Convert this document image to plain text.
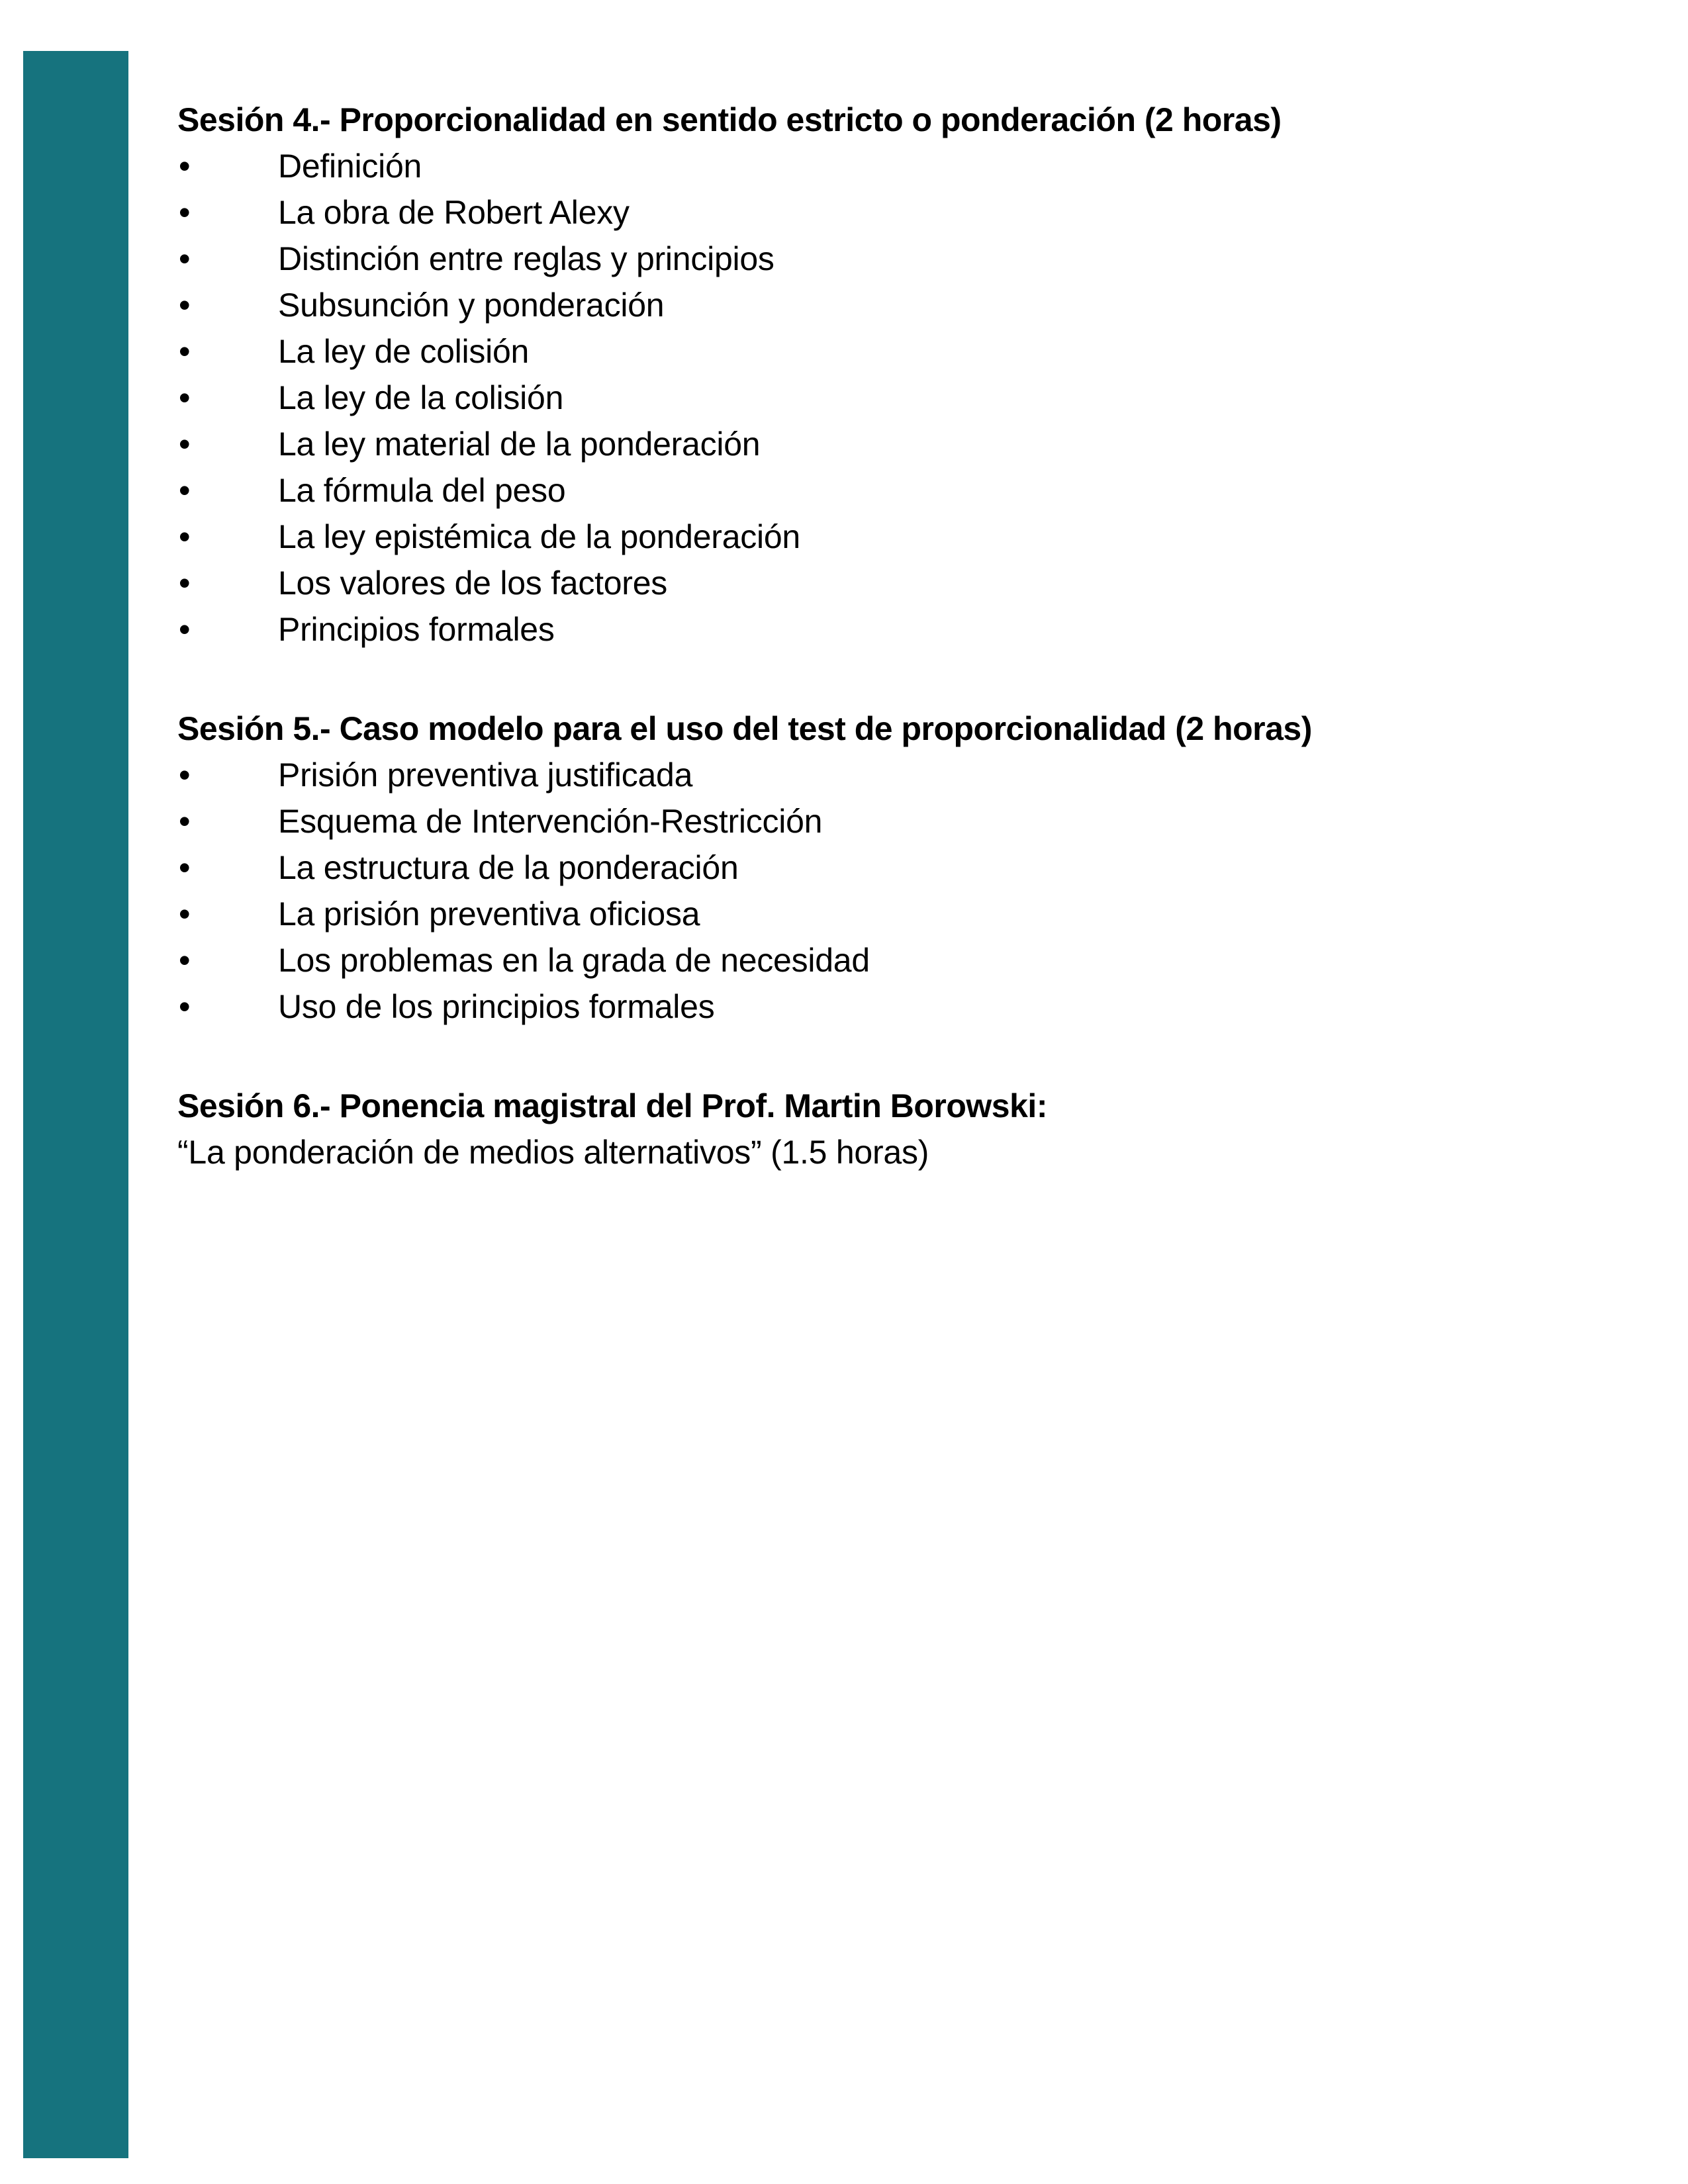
Sesión 4.- Proporcionalidad en sentido estricto o ponderación (2 horas)
•	Definición
•	La obra de Robert Alexy
•	Distinción entre reglas y principios
•	Subsunción y ponderación
•	La ley de colisión
•	La ley de la colisión
•	La ley material de la ponderación
•	La fórmula del peso
•	La ley epistémica de la ponderación
•	Los valores de los factores
•	Principios formales
Sesión 5.- Caso modelo para el uso del test de proporcionalidad (2 horas)
•	Prisión preventiva justificada
•	Esquema de Intervención-Restricción
•	La estructura de la ponderación
•	La prisión preventiva oficiosa
•	Los problemas en la grada de necesidad
•	Uso de los principios formales
Sesión 6.- Ponencia magistral del Prof. Martin Borowski:

“La ponderación de medios alternativos” (1.5 horas)
